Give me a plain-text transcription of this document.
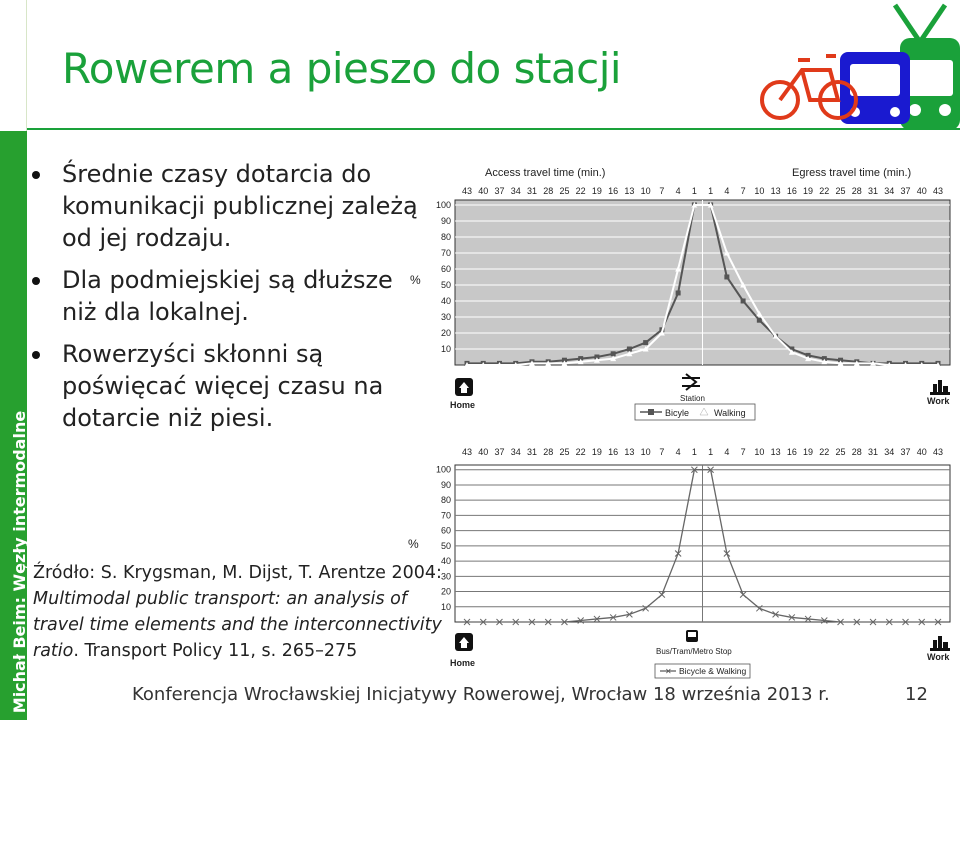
Michał Beim: Węzły intermodalne
Rowerem a pieszo do stacji
Średnie czasy dotarcia do komunikacji publicznej zależą od jej rodzaju.
Dla podmiejskiej są dłuższe niż dla lokalnej.
Rowerzyści skłonni są poświęcać więcej czasu na dotarcie niż piesi.
Źródło: S. Krygsman, M. Dijst, T. Arentze 2004: Multimodal public transport: an analysis of travel time elements and the interconnectivity ratio. Transport Policy 11, s. 265–275
Access travel time (min.)	Egress travel time (min.)
43 40 37 34 31 28 25 22 19 16 13 10 7 4 1 1 4 7 10 13 16 19 22 25 28 31 34 37 40 43
10
20
30
40
50
60
70
80
90
100
%
Home
Station	Work
Bicyle	Walking
43 40 37 34 31 28 25 22 19 16 13 10 7 4 1 1 4 7 10 13 16 19 22 25 28 31 34 37 40 43
10
20
30
40
50
60
70
80
90
100
%
Home
Bus/Tram/Metro Stop
Work
✕ Bicycle & Walking
Konferencja Wrocławskiej Inicjatywy Rowerowej, Wrocław 18 września 2013 r.	12
